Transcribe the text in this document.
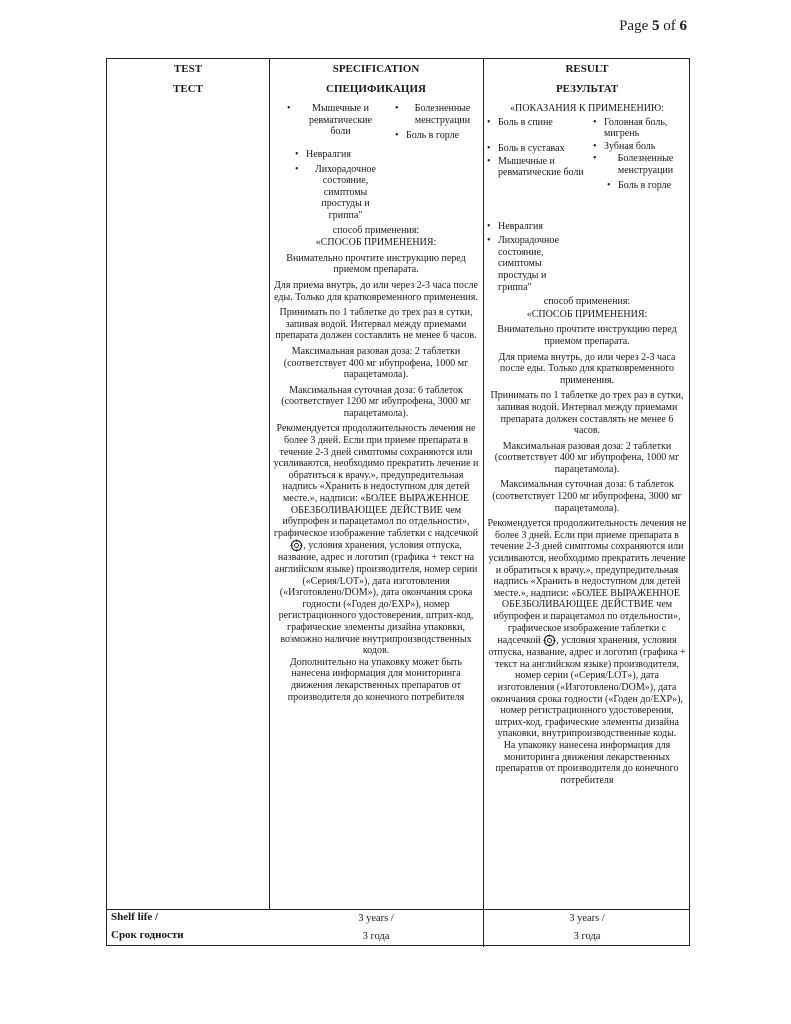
Page 5 of 6
TEST
ТЕСТ
SPECIFICATION
СПЕЦИФИКАЦИЯ
RESULT
РЕЗУЛЬТАТ
• Мышечные и ревматические боли
• Болезненные менструации
• Боль в горле
• Невралгия
• Лихорадочное состояние, симптомы простуды и гриппа"

способ применения:

«СПОСОБ ПРИМЕНЕНИЯ:

Внимательно прочтите инструкцию перед приемом препарата.

Для приема внутрь, до или через 2-3 часа после еды. Только для кратковременного применения.

Принимать по 1 таблетке до трех раз в сутки, запивая водой. Интервал между приемами препарата должен составлять не менее 6 часов.

Максимальная разовая доза: 2 таблетки (соответствует 400 мг ибупрофена, 1000 мг парацетамола).

Максимальная суточная доза: 6 таблеток (соответствует 1200 мг ибупрофена, 3000 мг парацетамола).

Рекомендуется продолжительность лечения не более 3 дней. Если при приеме препарата в течение 2-3 дней симптомы сохраняются или усиливаются, необходимо прекратить лечение и обратиться к врачу.», предупредительная надпись «Хранить в недоступном для детей месте.», надписи: «БОЛЕЕ ВЫРАЖЕННОЕ ОБЕЗБОЛИВАЮЩЕЕ ДЕЙСТВИЕ чем ибупрофен и парацетамол по отдельности», графическое изображение таблетки с надсечкой , условия хранения, условия отпуска, название, адрес и логотип (графика + текст на английском языке) производителя, номер серии («Серия/LOT»), дата изготовления («Изготовлено/DOM»), дата окончания срока годности («Годен до/EXP»), номер регистрационного удостоверения, штрих-код, графические элементы дизайна упаковки, возможно наличие внутрипроизводственных кодов.

Дополнительно на упаковку может быть нанесена информация для мониторинга движения лекарственных препаратов от производителя до конечного потребителя

«ПОКАЗАНИЯ К ПРИМЕНЕНИЮ:

• Боль в спине
• Боль в суставах
• Мышечные и ревматические боли
• Головная боль, мигрень
• Зубная боль
• Болезненные менструации
• Боль в горле
• Невралгия
• Лихорадочное состояние, симптомы простуды и гриппа"

способ применения:

«СПОСОБ ПРИМЕНЕНИЯ:

Внимательно прочтите инструкцию перед приемом препарата.

Для приема внутрь, до или через 2-3 часа после еды. Только для кратковременного применения.

Принимать по 1 таблетке до трех раз в сутки, запивая водой. Интервал между приемами препарата должен составлять не менее 6 часов.

Максимальная разовая доза: 2 таблетки (соответствует 400 мг ибупрофена, 1000 мг парацетамола).

Максимальная суточная доза: 6 таблеток (соответствует 1200 мг ибупрофена, 3000 мг парацетамола).

Рекомендуется продолжительность лечения не более 3 дней. Если при приеме препарата в течение 2-3 дней симптомы сохраняются или усиливаются, необходимо прекратить лечение и обратиться к врачу.», предупредительная надпись «Хранить в недоступном для детей месте.», надписи: «БОЛЕЕ ВЫРАЖЕННОЕ ОБЕЗБОЛИВАЮЩЕЕ ДЕЙСТВИЕ чем ибупрофен и парацетамол по отдельности», графическое изображение таблетки с надсечкой , условия хранения, условия отпуска, название, адрес и логотип (графика + текст на английском языке) производителя, номер серии («Серия/LOT»), дата изготовления («Изготовлено/DOM»), дата окончания срока годности («Годен до/EXP»), номер регистрационного удостоверения, штрих-код, графические элементы дизайна упаковки, внутрипроизводственные коды.

На упаковку нанесена информация для мониторинга движения лекарственных препаратов от производителя до конечного потребителя

Shelf life /
Срок годности
3 years /
3 года
3 years /
3 года
